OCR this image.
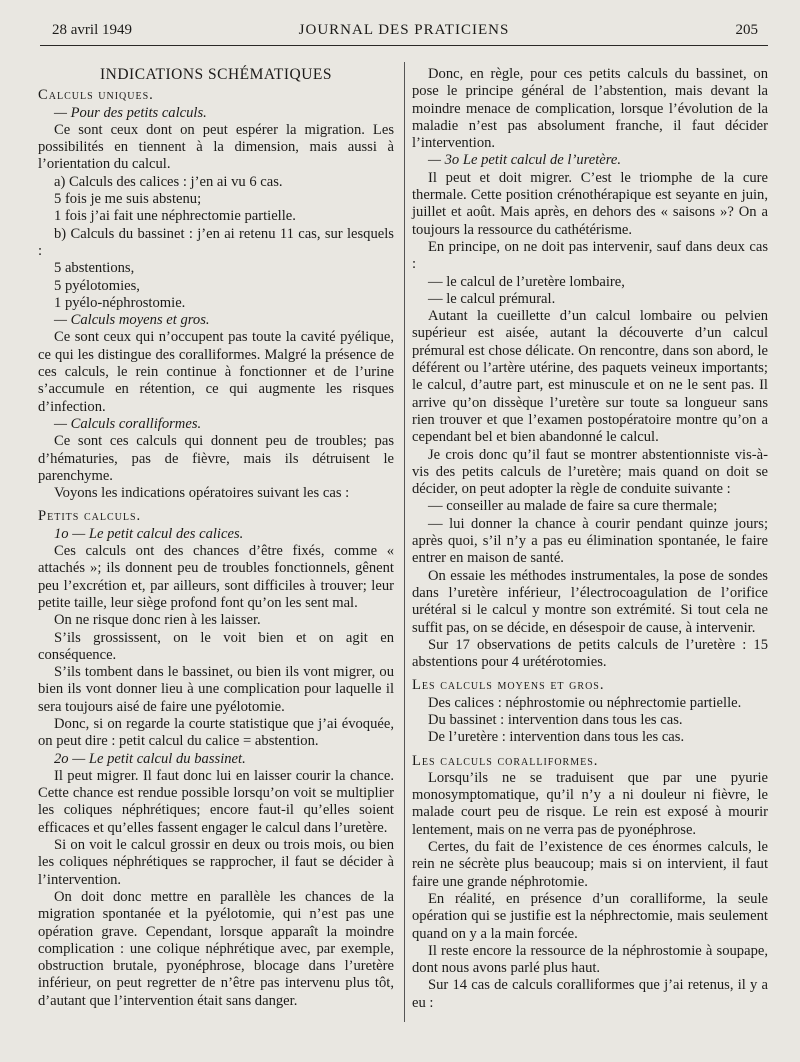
28 avril 1949	JOURNAL DES PRATICIENS	205

INDICATIONS SCHÉMATIQUES

Calculs uniques.

— Pour des petits calculs.

Ce sont ceux dont on peut espérer la migration. Les possibilités en tiennent à la dimension, mais aussi à l’orientation du calcul.

a) Calculs des calices : j’en ai vu 6 cas.

5 fois je me suis abstenu;

1 fois j’ai fait une néphrectomie partielle.

b) Calculs du bassinet : j’en ai retenu 11 cas, sur lesquels :

5 abstentions,

5 pyélotomies,

1 pyélo-néphrostomie.

— Calculs moyens et gros.

Ce sont ceux qui n’occupent pas toute la cavité pyélique, ce qui les distingue des coralliformes. Malgré la présence de ces calculs, le rein continue à fonctionner et de l’urine s’accumule en rétention, ce qui augmente les risques d’infection.

— Calculs coralliformes.

Ce sont ces calculs qui donnent peu de troubles; pas d’hématuries, pas de fièvre, mais ils détruisent le parenchyme.

Voyons les indications opératoires suivant les cas :

Petits calculs.

1o — Le petit calcul des calices.

Ces calculs ont des chances d’être fixés, comme « attachés »; ils donnent peu de troubles fonctionnels, gênent peu l’excrétion et, par ailleurs, sont difficiles à trouver; leur petite taille, leur siège profond font qu’on les sent mal.

On ne risque donc rien à les laisser.

S’ils grossissent, on le voit bien et on agit en conséquence.

S’ils tombent dans le bassinet, ou bien ils vont migrer, ou bien ils vont donner lieu à une complication pour laquelle il sera toujours aisé de faire une pyélotomie.

Donc, si on regarde la courte statistique que j’ai évoquée, on peut dire : petit calcul du calice = abstention.

2o — Le petit calcul du bassinet.

Il peut migrer. Il faut donc lui en laisser courir la chance. Cette chance est rendue possible lorsqu’on voit se multiplier les coliques néphrétiques; encore faut-il qu’elles soient efficaces et qu’elles fassent engager le calcul dans l’uretère.

Si on voit le calcul grossir en deux ou trois mois, ou bien les coliques néphrétiques se rapprocher, il faut se décider à l’intervention.

On doit donc mettre en parallèle les chances de la migration spontanée et la pyélotomie, qui n’est pas une opération grave. Cependant, lorsque apparaît la moindre complication : une colique néphrétique avec, par exemple, obstruction brutale, pyonéphrose, blocage dans l’uretère inférieur, on peut regretter de n’être pas intervenu plus tôt, d’autant que l’intervention était sans danger.

Donc, en règle, pour ces petits calculs du bassinet, on pose le principe général de l’abstention, mais devant la moindre menace de complication, lorsque l’évolution de la maladie n’est pas absolument franche, il faut décider l’intervention.

— 3o Le petit calcul de l’uretère.

Il peut et doit migrer. C’est le triomphe de la cure thermale. Cette position crénothérapique est seyante en juin, juillet et août. Mais après, en dehors des « saisons »? On a toujours la ressource du cathétérisme.

En principe, on ne doit pas intervenir, sauf dans deux cas :

— le calcul de l’uretère lombaire,

— le calcul prémural.

Autant la cueillette d’un calcul lombaire ou pelvien supérieur est aisée, autant la découverte d’un calcul prémural est chose délicate. On rencontre, dans son abord, le déférent ou l’artère utérine, des paquets veineux importants; le calcul, d’autre part, est minuscule et on ne le sent pas. Il arrive qu’on dissèque l’uretère sur toute sa longueur sans rien trouver et que l’examen postopératoire montre qu’on a cependant bel et bien abandonné le calcul.

Je crois donc qu’il faut se montrer abstentionniste vis-à-vis des petits calculs de l’uretère; mais quand on doit se décider, on peut adopter la règle de conduite suivante :

— conseiller au malade de faire sa cure thermale;

— lui donner la chance à courir pendant quinze jours; après quoi, s’il n’y a pas eu élimination spontanée, le faire entrer en maison de santé.

On essaie les méthodes instrumentales, la pose de sondes dans l’uretère inférieur, l’électrocoagulation de l’orifice urétéral si le calcul y montre son extrémité. Si tout cela ne suffit pas, on se décide, en désespoir de cause, à intervenir.

Sur 17 observations de petits calculs de l’uretère : 15 abstentions pour 4 urétérotomies.

Les calculs moyens et gros.

Des calices : néphrostomie ou néphrectomie partielle.

Du bassinet : intervention dans tous les cas.

De l’uretère : intervention dans tous les cas.

Les calculs coralliformes.

Lorsqu’ils ne se traduisent que par une pyurie monosymptomatique, qu’il n’y a ni douleur ni fièvre, le malade court peu de risque. Le rein est exposé à mourir lentement, mais on ne verra pas de pyonéphrose.

Certes, du fait de l’existence de ces énormes calculs, le rein ne sécrète plus beaucoup; mais si on intervient, il faut faire une grande néphrotomie.

En réalité, en présence d’un coralliforme, la seule opération qui se justifie est la néphrectomie, mais seulement quand on y a la main forcée.

Il reste encore la ressource de la néphrostomie à soupape, dont nous avons parlé plus haut.

Sur 14 cas de calculs coralliformes que j’ai retenus, il y a eu :
